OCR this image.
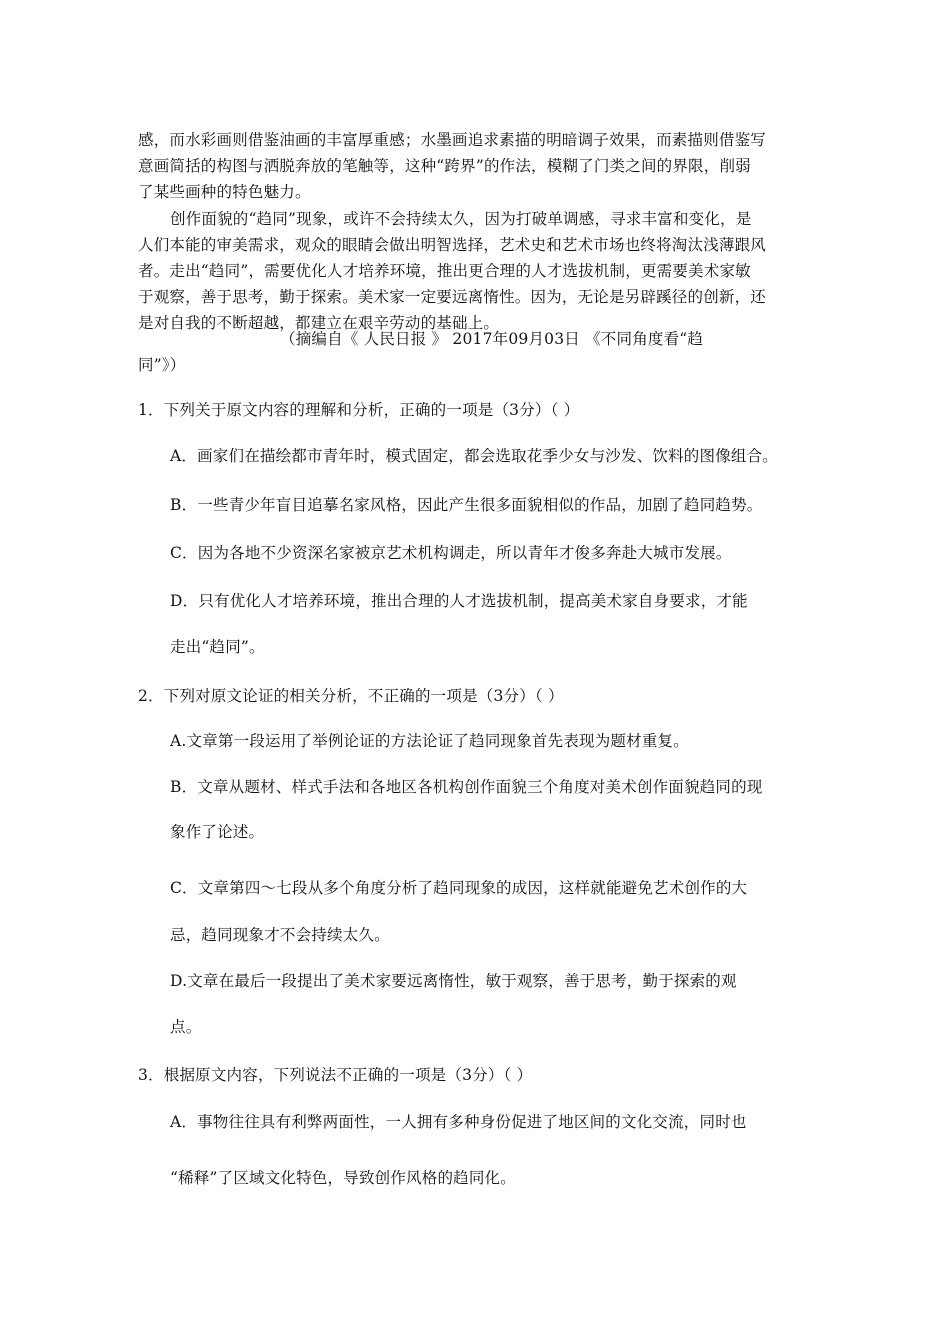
感，而水彩画则借鉴油画的丰富厚重感；水墨画追求素描的明暗调子效果，而素描则借鉴写
意画简括的构图与洒脱奔放的笔触等，这种“跨界”的作法，模糊了门类之间的界限，削弱
了某些画种的特色魅力。
创作面貌的“趋同”现象，或许不会持续太久，因为打破单调感，寻求丰富和变化，是
人们本能的审美需求，观众的眼睛会做出明智选择，艺术史和艺术市场也终将淘汰浅薄跟风
者。走出“趋同”，需要优化人才培养环境，推出更合理的人才选拔机制，更需要美术家敏
于观察，善于思考，勤于探索。美术家一定要远离惰性。因为，无论是另辟蹊径的创新，还
是对自我的不断超越，都建立在艰辛劳动的基础上。
（摘编自《 人民日报 》 2017年09月03日 《不同角度看“趋
同”》）
1．下列关于原文内容的理解和分析，正确的一项是（3分）（ ）
A．画家们在描绘都市青年时，模式固定，都会选取花季少女与沙发、饮料的图像组合。
B．一些青少年盲目追摹名家风格，因此产生很多面貌相似的作品，加剧了趋同趋势。
C．因为各地不少资深名家被京艺术机构调走，所以青年才俊多奔赴大城市发展。
D．只有优化人才培养环境，推出合理的人才选拔机制，提高美术家自身要求，才能
走出“趋同”。
2．下列对原文论证的相关分析，不正确的一项是（3分）（ ）
A.文章第一段运用了举例论证的方法论证了趋同现象首先表现为题材重复。
B．文章从题材、样式手法和各地区各机构创作面貌三个角度对美术创作面貌趋同的现
象作了论述。
C．文章第四～七段从多个角度分析了趋同现象的成因，这样就能避免艺术创作的大
忌，趋同现象才不会持续太久。
D.文章在最后一段提出了美术家要远离惰性，敏于观察，善于思考，勤于探索的观
点。
3．根据原文内容，下列说法不正确的一项是（3分）（ ）
A．事物往往具有利弊两面性，一人拥有多种身份促进了地区间的文化交流，同时也
“稀释”了区域文化特色，导致创作风格的趋同化。
